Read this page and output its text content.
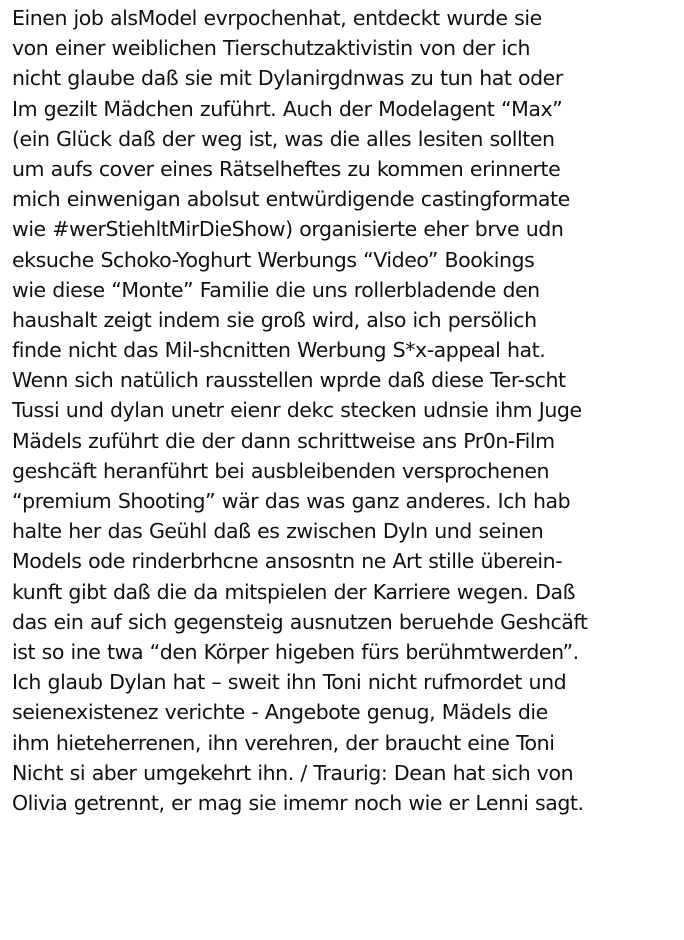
Einen job alsModel evrpochenhat, entdeckt wurde sie
von einer weiblichen Tierschutzaktivistin von der ich
nicht glaube daß sie mit Dylanirgdnwas zu tun hat oder
Im gezilt Mädchen zuführt. Auch der Modelagent “Max”
(ein Glück daß der weg ist, was die alles lesiten sollten
um aufs cover eines Rätselheftes zu kommen erinnerte
mich einwenigan abolsut entwürdigende castingformate
wie #werStiehltMirDieShow) organisierte eher brve udn
eksuche Schoko-Yoghurt Werbungs “Video” Bookings
wie diese “Monte” Familie die uns rollerbladende den
haushalt zeigt indem sie groß wird, also ich persölich
finde nicht das Mil-shcnitten Werbung S*x-appeal hat.
Wenn sich natülich rausstellen wprde daß diese Ter-scht
Tussi und dylan unetr eienr dekc stecken udnsie ihm Juge
Mädels zuführt die der dann schrittweise ans Pr0n-Film
geshcäft heranführt bei ausbleibenden versprochenen
“premium Shooting” wär das was ganz anderes. Ich hab
halte her das Geühl daß es zwischen Dyln und seinen
Models ode rinderbrhcne ansosntn ne Art stille überein-
kunft gibt daß die da mitspielen der Karriere wegen. Daß
das ein auf sich gegensteig ausnutzen beruehde Geshcäft
ist so ine twa “den Körper higeben fürs berühmtwerden”.
Ich glaub Dylan hat – sweit ihn Toni nicht rufmordet und
seienexistenez verichte - Angebote genug, Mädels die
ihm hieteherrenen, ihn verehren, der braucht eine Toni
Nicht si aber umgekehrt ihn. / Traurig: Dean hat sich von
Olivia getrennt, er mag sie imemr noch wie er Lenni sagt.
